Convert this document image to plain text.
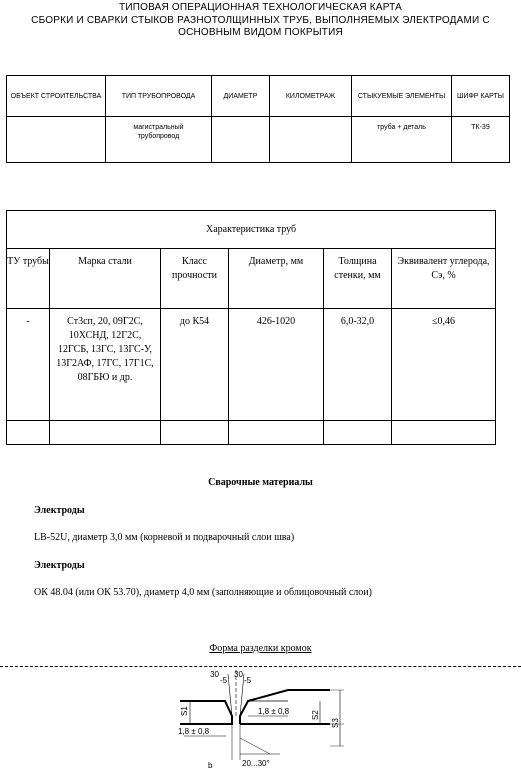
ТИПОВАЯ ОПЕРАЦИОННАЯ ТЕХНОЛОГИЧЕСКАЯ КАРТА
СБОРКИ И СВАРКИ СТЫКОВ РАЗНОТОЛЩИННЫХ ТРУБ, ВЫПОЛНЯЕМЫХ ЭЛЕКТРОДАМИ С
ОСНОВНЫМ ВИДОМ ПОКРЫТИЯ
ОБЪЕКТ СТРОИТЕЛЬСТВА	ТИП ТРУБОПРОВОДА	ДИАМЕТР	КИЛОМЕТРАЖ	СТЫКУЕМЫЕ ЭЛЕМЕНТЫ	ШИФР КАРТЫ
	магистральный трубопровод			труба + деталь	ТК-39
Характеристика труб					
ТУ трубы	Марка стали	Класс прочности	Диаметр, мм	Толщина стенки, мм	Эквивалент углерода, Сэ, %
-	Ст3сп, 20, 09Г2С, 10ХСНД, 12Г2С, 12ГСБ, 13ГС, 13ГС-У, 13Г2АФ, 17ГС, 17Г1С, 08ГБЮ и др.	до К54	426-1020	6,0-32,0	≤0,46

Сварочные материалы
Электроды
LB-52U, диаметр 3,0 мм (корневой и подварочный слои шва)
Электроды
ОК 48.04 (или ОК 53.70), диаметр 4,0 мм (заполняющие и облицовочный слои)
Форма разделки кромок
30
-5
30
-5
S1	S2
S3
1,8 ± 0,8
1,8 ± 0,8
b	20...30°
